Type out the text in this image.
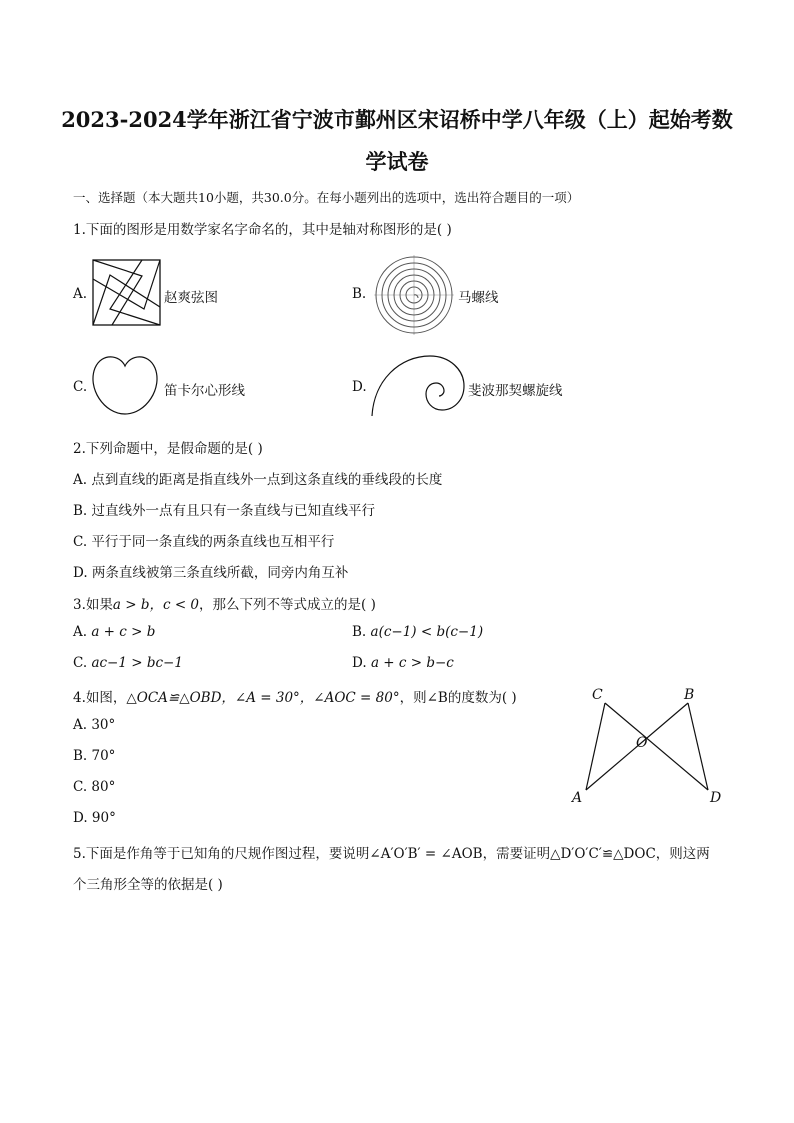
2023-2024学年浙江省宁波市鄞州区宋诏桥中学八年级（上）起始考数
学试卷
一、选择题（本大题共10小题，共30.0分。在每小题列出的选项中，选出符合题目的一项）
1.下面的图形是用数学家名字命名的，其中是轴对称图形的是( )
A.	赵爽弦图	B.	马螺线
C.	笛卡尔心形线	D.	斐波那契螺旋线
2.下列命题中，是假命题的是( )
A. 点到直线的距离是指直线外一点到这条直线的垂线段的长度
B. 过直线外一点有且只有一条直线与已知直线平行
C. 平行于同一条直线的两条直线也互相平行
D. 两条直线被第三条直线所截，同旁内角互补
3.如果a > b，c < 0，那么下列不等式成立的是( )
A. a + c > b	B. a(c−1) < b(c−1)
C. ac−1 > bc−1	D. a + c > b−c
4.如图，△OCA≌△OBD，∠A = 30°，∠AOC = 80°，则∠B的度数为( )
A. 30°
B. 70°
C. 80°
D. 90°
C	B
O
A	D
5.下面是作角等于已知角的尺规作图过程，要说明∠A′O′B′ = ∠AOB，需要证明△D′O′C′≌△DOC，则这两
个三角形全等的依据是( )
